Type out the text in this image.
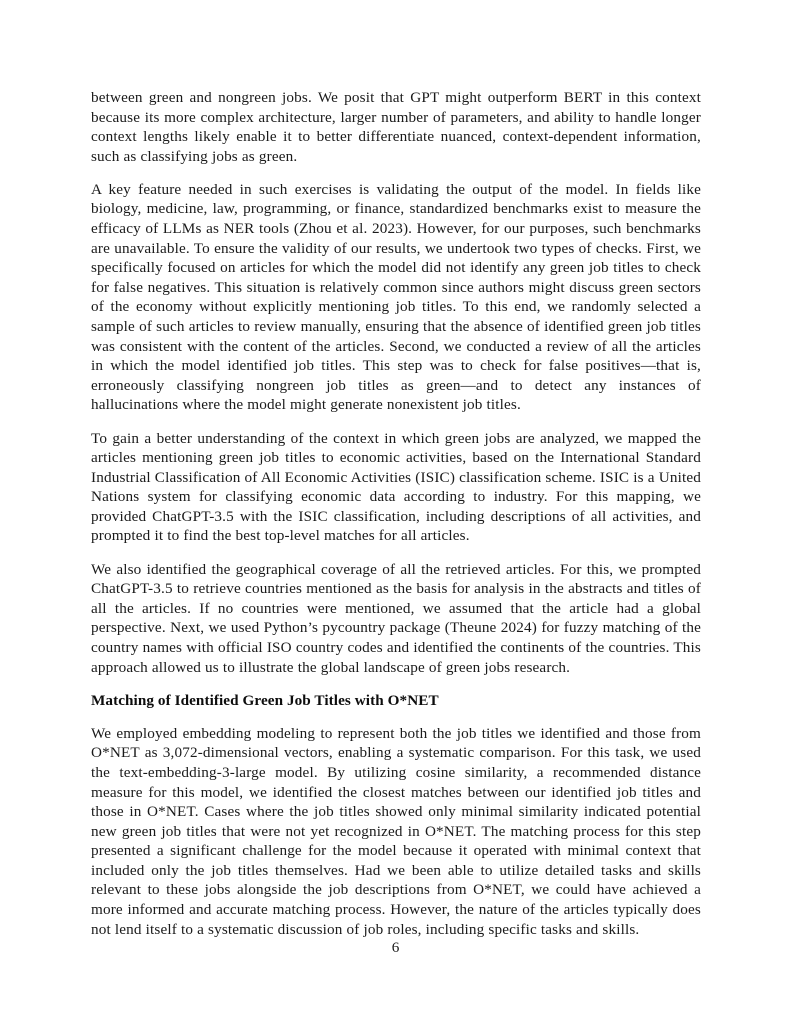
between green and nongreen jobs. We posit that GPT might outperform BERT in this context because its more complex architecture, larger number of parameters, and ability to handle longer context lengths likely enable it to better differentiate nuanced, context-dependent information, such as classifying jobs as green.

A key feature needed in such exercises is validating the output of the model. In fields like biology, medicine, law, programming, or finance, standardized benchmarks exist to measure the efficacy of LLMs as NER tools (Zhou et al. 2023). However, for our purposes, such benchmarks are unavailable. To ensure the validity of our results, we undertook two types of checks. First, we specifically focused on articles for which the model did not identify any green job titles to check for false negatives. This situation is relatively common since authors might discuss green sectors of the economy without explicitly mentioning job titles. To this end, we randomly selected a sample of such articles to review manually, ensuring that the absence of identified green job titles was consistent with the content of the articles. Second, we conducted a review of all the articles in which the model identified job titles. This step was to check for false positives—that is, erroneously classifying nongreen job titles as green—and to detect any instances of hallucinations where the model might generate nonexistent job titles.

To gain a better understanding of the context in which green jobs are analyzed, we mapped the articles mentioning green job titles to economic activities, based on the International Standard Industrial Classification of All Economic Activities (ISIC) classification scheme. ISIC is a United Nations system for classifying economic data according to industry. For this mapping, we provided ChatGPT-3.5 with the ISIC classification, including descriptions of all activities, and prompted it to find the best top-level matches for all articles.

We also identified the geographical coverage of all the retrieved articles. For this, we prompted ChatGPT-3.5 to retrieve countries mentioned as the basis for analysis in the abstracts and titles of all the articles. If no countries were mentioned, we assumed that the article had a global perspective. Next, we used Python’s pycountry package (Theune 2024) for fuzzy matching of the country names with official ISO country codes and identified the continents of the countries. This approach allowed us to illustrate the global landscape of green jobs research.

Matching of Identified Green Job Titles with O*NET

We employed embedding modeling to represent both the job titles we identified and those from O*NET as 3,072-dimensional vectors, enabling a systematic comparison. For this task, we used the text-embedding-3-large model. By utilizing cosine similarity, a recommended distance measure for this model, we identified the closest matches between our identified job titles and those in O*NET. Cases where the job titles showed only minimal similarity indicated potential new green job titles that were not yet recognized in O*NET. The matching process for this step presented a significant challenge for the model because it operated with minimal context that included only the job titles themselves. Had we been able to utilize detailed tasks and skills relevant to these jobs alongside the job descriptions from O*NET, we could have achieved a more informed and accurate matching process. However, the nature of the articles typically does not lend itself to a systematic discussion of job roles, including specific tasks and skills.

6
